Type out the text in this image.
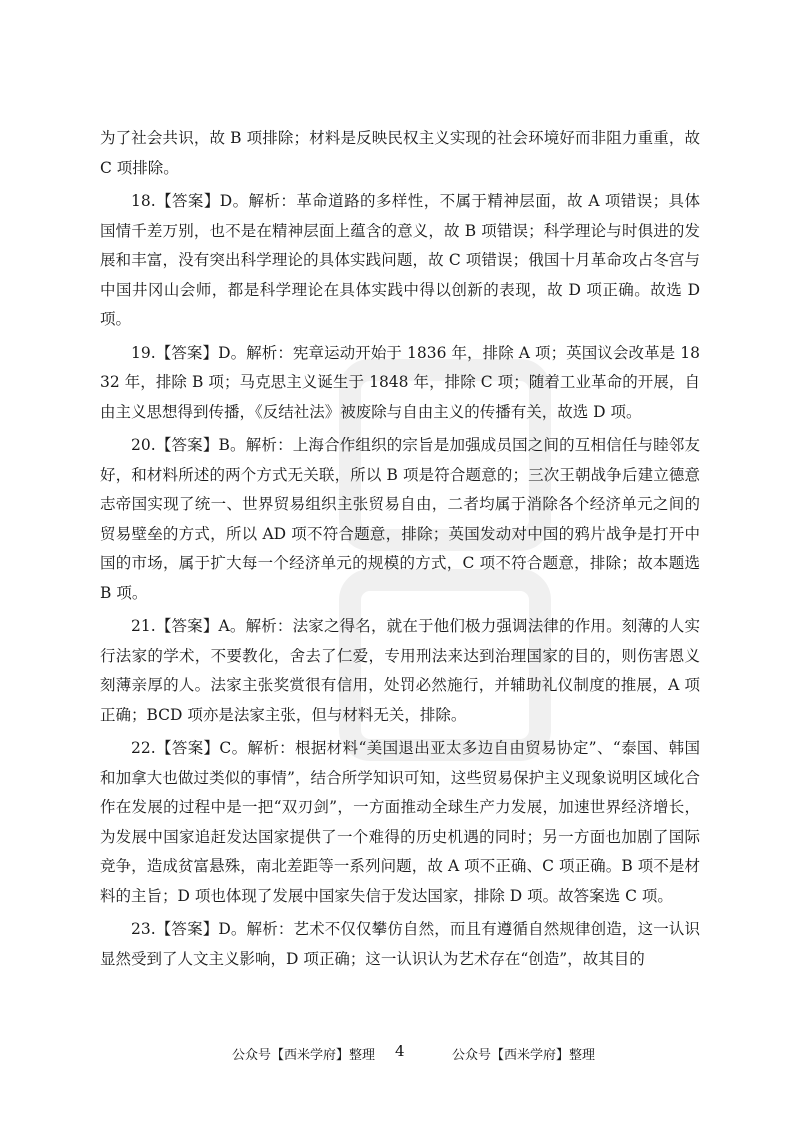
为了社会共识，故 B 项排除；材料是反映民权主义实现的社会环境好而非阻力重重，故 C 项排除。

18.【答案】D。解析：革命道路的多样性，不属于精神层面，故 A 项错误；具体国情千差万别，也不是在精神层面上蕴含的意义，故 B 项错误；科学理论与时俱进的发展和丰富，没有突出科学理论的具体实践问题，故 C 项错误；俄国十月革命攻占冬宫与中国井冈山会师，都是科学理论在具体实践中得以创新的表现，故 D 项正确。故选 D 项。

19.【答案】D。解析：宪章运动开始于 1836 年，排除 A 项；英国议会改革是 1832 年，排除 B 项；马克思主义诞生于 1848 年，排除 C 项；随着工业革命的开展，自由主义思想得到传播，《反结社法》被废除与自由主义的传播有关，故选 D 项。

20.【答案】B。解析：上海合作组织的宗旨是加强成员国之间的互相信任与睦邻友好，和材料所述的两个方式无关联，所以 B 项是符合题意的；三次王朝战争后建立德意志帝国实现了统一、世界贸易组织主张贸易自由，二者均属于消除各个经济单元之间的贸易壁垒的方式，所以 AD 项不符合题意，排除；英国发动对中国的鸦片战争是打开中国的市场，属于扩大每一个经济单元的规模的方式，C 项不符合题意，排除；故本题选 B 项。

21.【答案】A。解析：法家之得名，就在于他们极力强调法律的作用。刻薄的人实行法家的学术，不要教化，舍去了仁爱，专用刑法来达到治理国家的目的，则伤害恩义刻薄亲厚的人。法家主张奖赏很有信用，处罚必然施行，并辅助礼仪制度的推展，A 项正确；BCD 项亦是法家主张，但与材料无关，排除。

22.【答案】C。解析：根据材料“美国退出亚太多边自由贸易协定”、“泰国、韩国和加拿大也做过类似的事情”，结合所学知识可知，这些贸易保护主义现象说明区域化合作在发展的过程中是一把“双刃剑”，一方面推动全球生产力发展，加速世界经济增长，为发展中国家追赶发达国家提供了一个难得的历史机遇的同时；另一方面也加剧了国际竞争，造成贫富悬殊，南北差距等一系列问题，故 A 项不正确、C 项正确。B 项不是材料的主旨；D 项也体现了发展中国家失信于发达国家，排除 D 项。故答案选 C 项。

23.【答案】D。解析：艺术不仅仅攀仿自然，而且有遵循自然规律创造，这一认识显然受到了人文主义影响，D 项正确；这一认识认为艺术存在“创造”，故其目的

公众号【西米学府】整理 4	公众号【西米学府】整理
